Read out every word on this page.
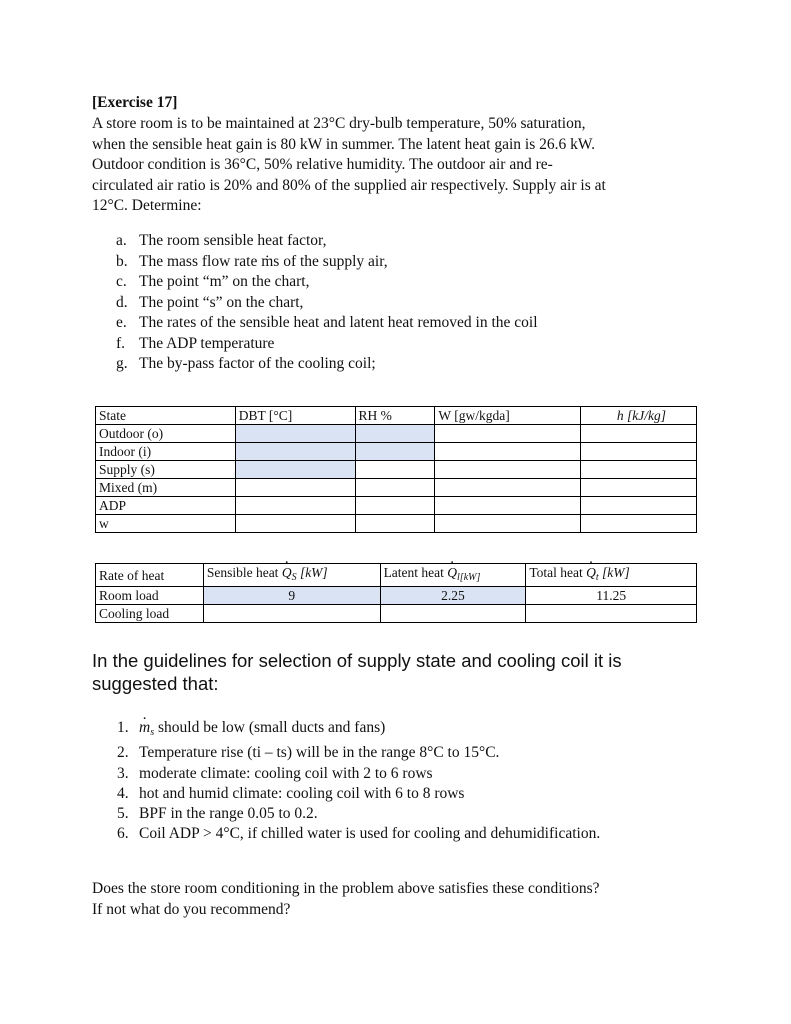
[Exercise 17]
A store room is to be maintained at 23°C dry-bulb temperature, 50% saturation,
when the sensible heat gain is 80 kW in summer. The latent heat gain is 26.6 kW.
Outdoor condition is 36°C, 50% relative humidity. The outdoor air and re-
circulated air ratio is 20% and 80% of the supplied air respectively. Supply air is at
12°C. Determine:
a. The room sensible heat factor,
b. The mass flow rate ṁs of the supply air,
c. The point “m” on the chart,
d. The point “s” on the chart,
e. The rates of the sensible heat and latent heat removed in the coil
f. The ADP temperature
g. The by-pass factor of the cooling coil;
State	DBT [°C]	RH %	W [gw/kgda]	h [kJ/kg]
Outdoor (o)				
Indoor (i)				
Supply (s)				
Mixed (m)				
ADP				
w				
Rate of heat	Sensible heat · $Q_S$ [kW]	Latent heat · $Q_{l[kW]}$	Total heat · $Q_t$ [kW]
Room load	9	2.25	11.25
Cooling load			
In the guidelines for selection of supply state and cooling coil it is
suggested that:
1. · $m_s$ should be low (small ducts and fans)
2. Temperature rise (ti – ts) will be in the range 8°C to 15°C.
3. moderate climate: cooling coil with 2 to 6 rows
4. hot and humid climate: cooling coil with 6 to 8 rows
5. BPF in the range 0.05 to 0.2.
6. Coil ADP > 4°C, if chilled water is used for cooling and dehumidification.
Does the store room conditioning in the problem above satisfies these conditions?
If not what do you recommend?
